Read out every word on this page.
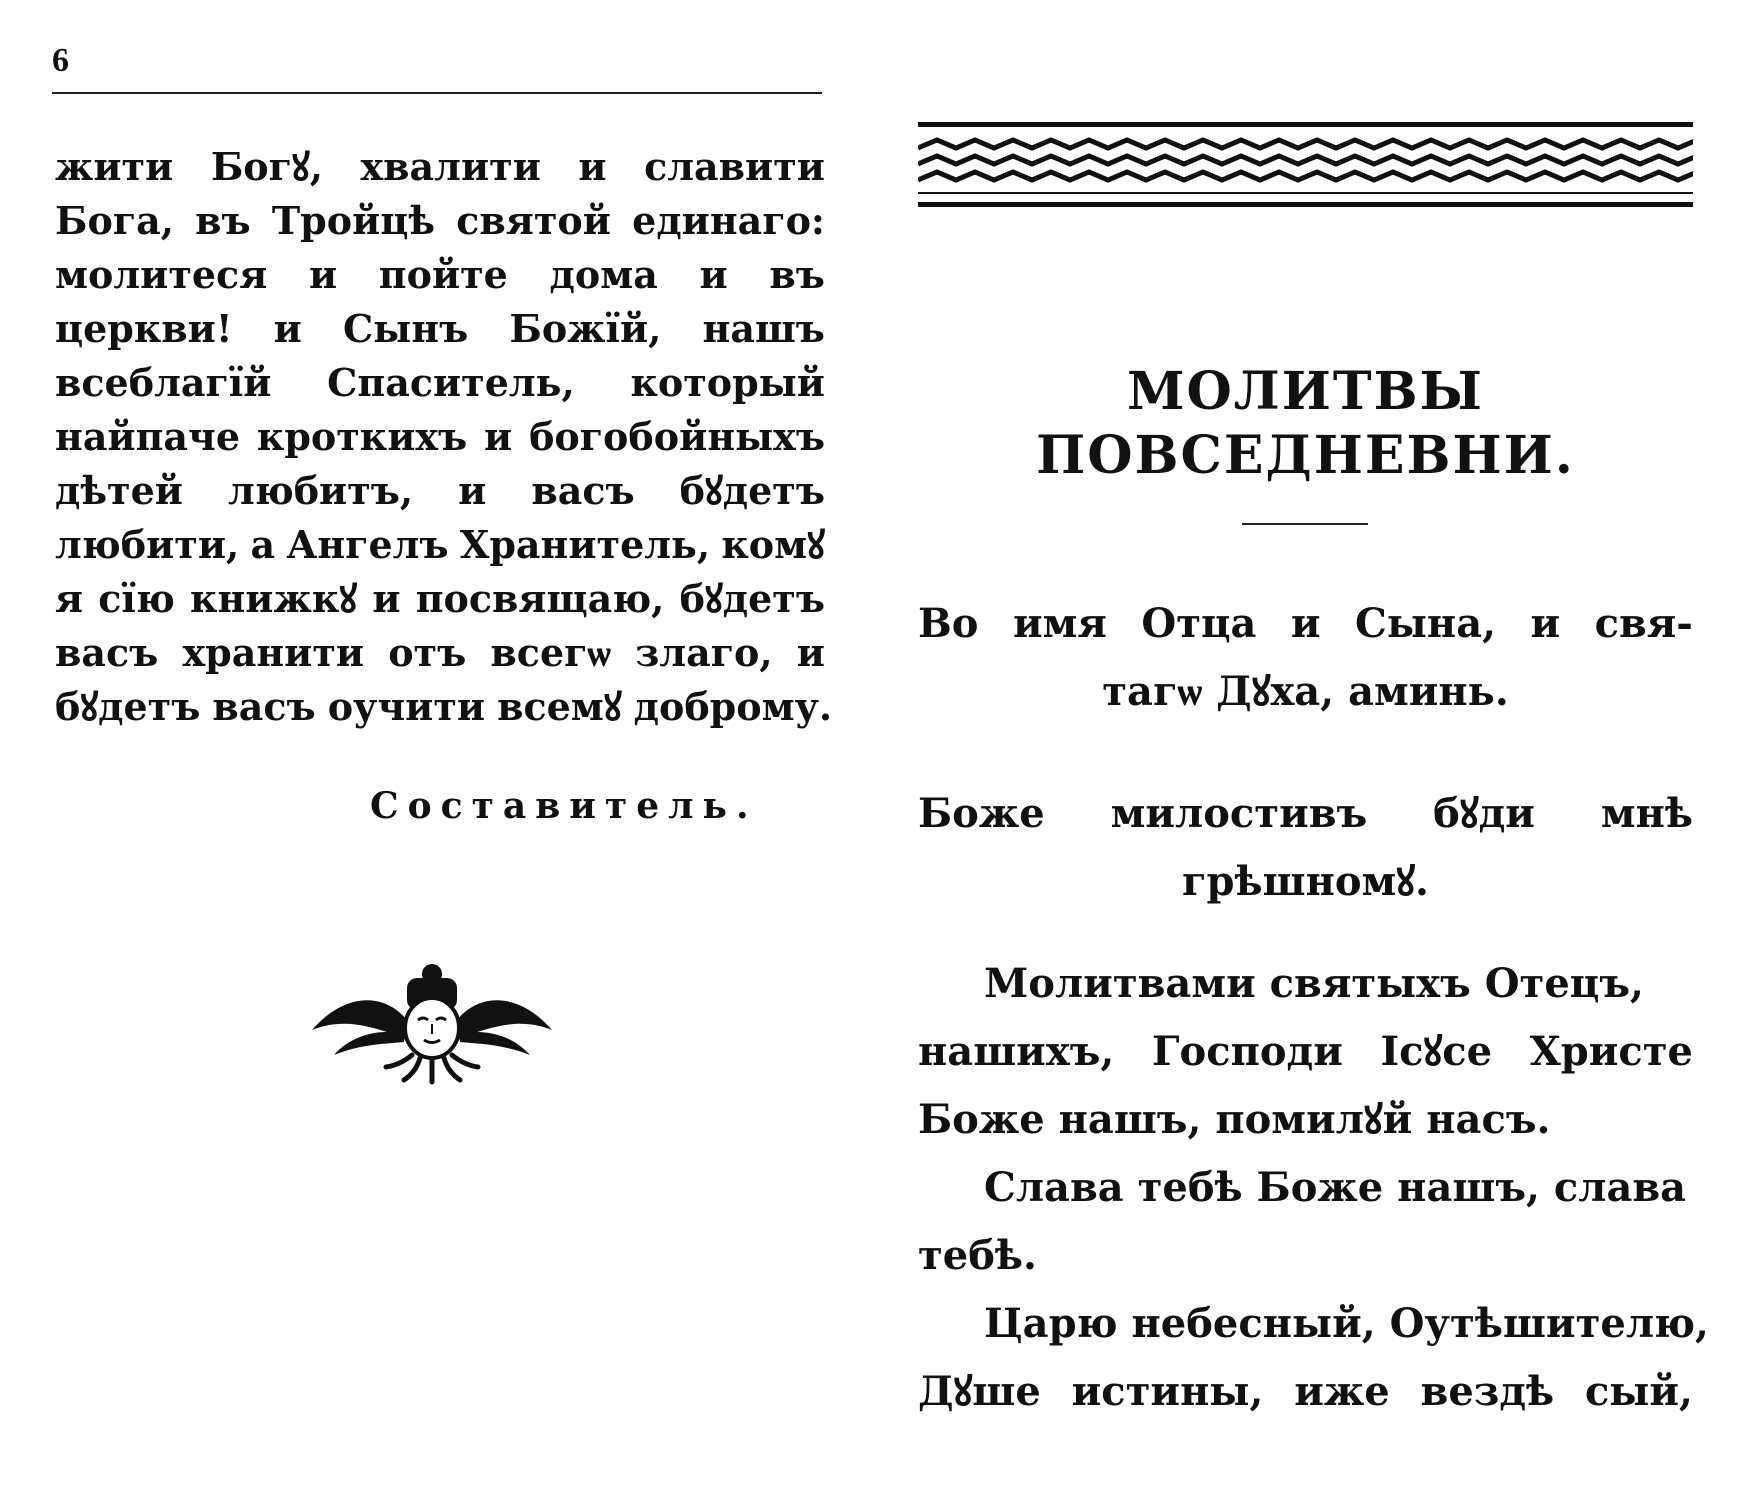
6
жити Богꙋ, хвалити и славити
Бога, въ Тройцѣ святой единаго:
молитеся и пойте дома и въ
церкви! и Сынъ Божїй, нашъ
всеблагїй Спаситель, который
найпаче кроткихъ и богобойныхъ
дѣтей любитъ, и васъ бꙋдетъ
любити, а Ангелъ Хранитель, комꙋ
я сїю книжкꙋ и посвящаю, бꙋдетъ
васъ хранити отъ всегѡ злаго, и
бꙋдетъ васъ оучити всемꙋ доброму.
Составитель.
МОЛИТВЫ
ПОВСЕДНЕВНИ.
Во имя Отца и Сына, и свя-
тагѡ Дꙋха, аминь.
Боже милостивъ бꙋди мнѣ
грѣшномꙋ.
Молитвами святыхъ Отецъ,
нашихъ, Господи Ісꙋсе Христе
Боже нашъ, помилꙋй насъ.
Слава тебѣ Боже нашъ, слава
тебѣ.
Царю небесный, Оутѣшителю,
Дꙋше истины, иже вездѣ сый,
